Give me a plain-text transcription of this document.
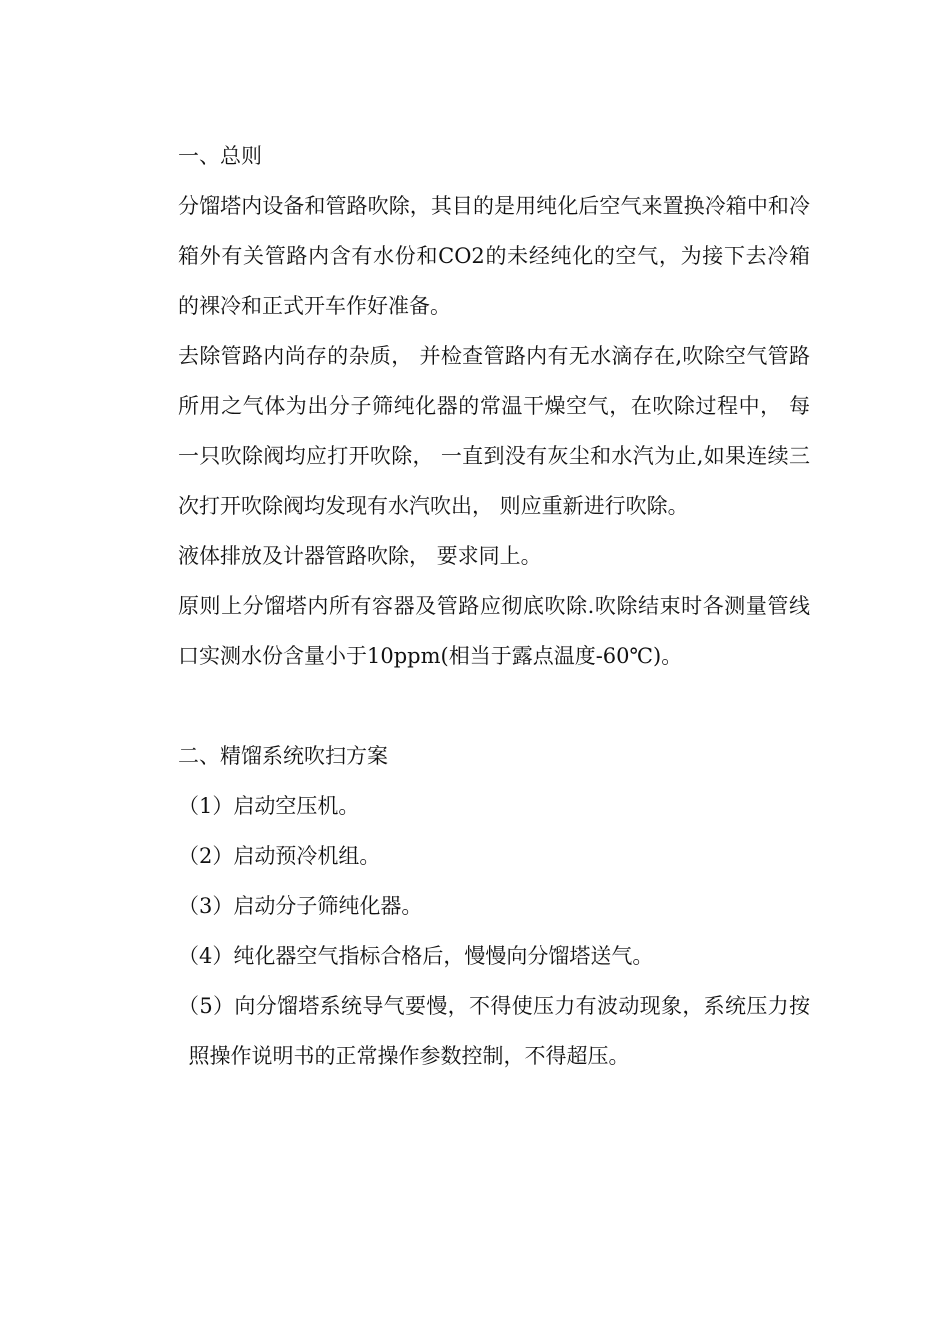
一、总则

分馏塔内设备和管路吹除，其目的是用纯化后空气来置换冷箱中和冷箱外有关管路内含有水份和CO2的未经纯化的空气，为接下去冷箱的裸冷和正式开车作好准备。

去除管路内尚存的杂质， 并检查管路内有无水滴存在,吹除空气管路所用之气体为出分子筛纯化器的常温干燥空气，在吹除过程中， 每一只吹除阀均应打开吹除， 一直到没有灰尘和水汽为止,如果连续三次打开吹除阀均发现有水汽吹出， 则应重新进行吹除。

液体排放及计器管路吹除， 要求同上。

原则上分馏塔内所有容器及管路应彻底吹除.吹除结束时各测量管线口实测水份含量小于10ppm(相当于露点温度-60℃)。

二、精馏系统吹扫方案

（1）启动空压机。

（2）启动预冷机组。

（3）启动分子筛纯化器。

（4）纯化器空气指标合格后，慢慢向分馏塔送气。

（5）向分馏塔系统导气要慢，不得使压力有波动现象，系统压力按照操作说明书的正常操作参数控制，不得超压。
